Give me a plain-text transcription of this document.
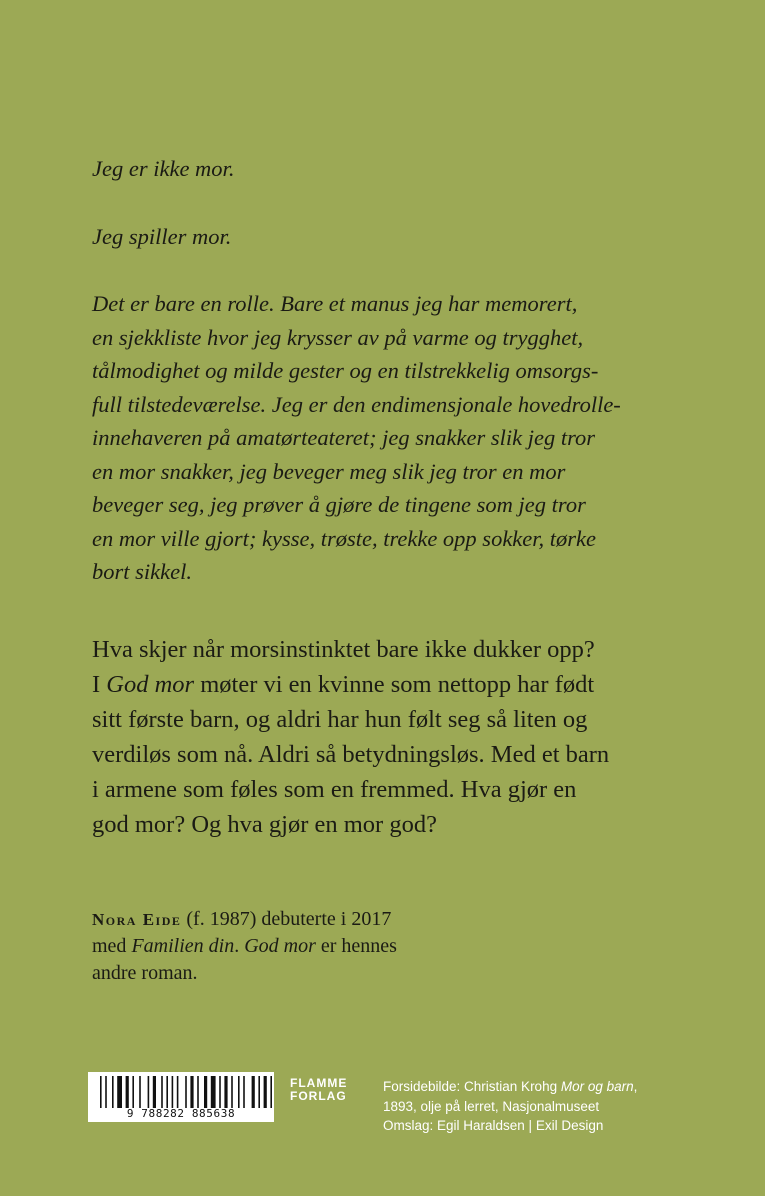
Jeg er ikke mor.

Jeg spiller mor.

Det er bare en rolle. Bare et manus jeg har memorert,

en sjekkliste hvor jeg krysser av på varme og trygghet,

tålmodighet og milde gester og en tilstrekkelig omsorgs-

full tilstedeværelse. Jeg er den endimensjonale hovedrolle-

innehaveren på amatørteateret; jeg snakker slik jeg tror

en mor snakker, jeg beveger meg slik jeg tror en mor

beveger seg, jeg prøver å gjøre de tingene som jeg tror

en mor ville gjort; kysse, trøste, trekke opp sokker, tørke

bort sikkel.

Hva skjer når morsinstinktet bare ikke dukker opp?

I God mor møter vi en kvinne som nettopp har født

sitt første barn, og aldri har hun følt seg så liten og

verdiløs som nå. Aldri så betydningsløs. Med et barn

i armene som føles som en fremmed. Hva gjør en

god mor? Og hva gjør en mor god?

Nora Eide (f. 1987) debuterte i 2017
med Familien din. God mor er hennes
andre roman.
9 788282 885638
FLAMME
FORLAG
Forsidebilde: Christian Krohg Mor og barn,
1893, olje på lerret, Nasjonalmuseet
Omslag: Egil Haraldsen | Exil Design
